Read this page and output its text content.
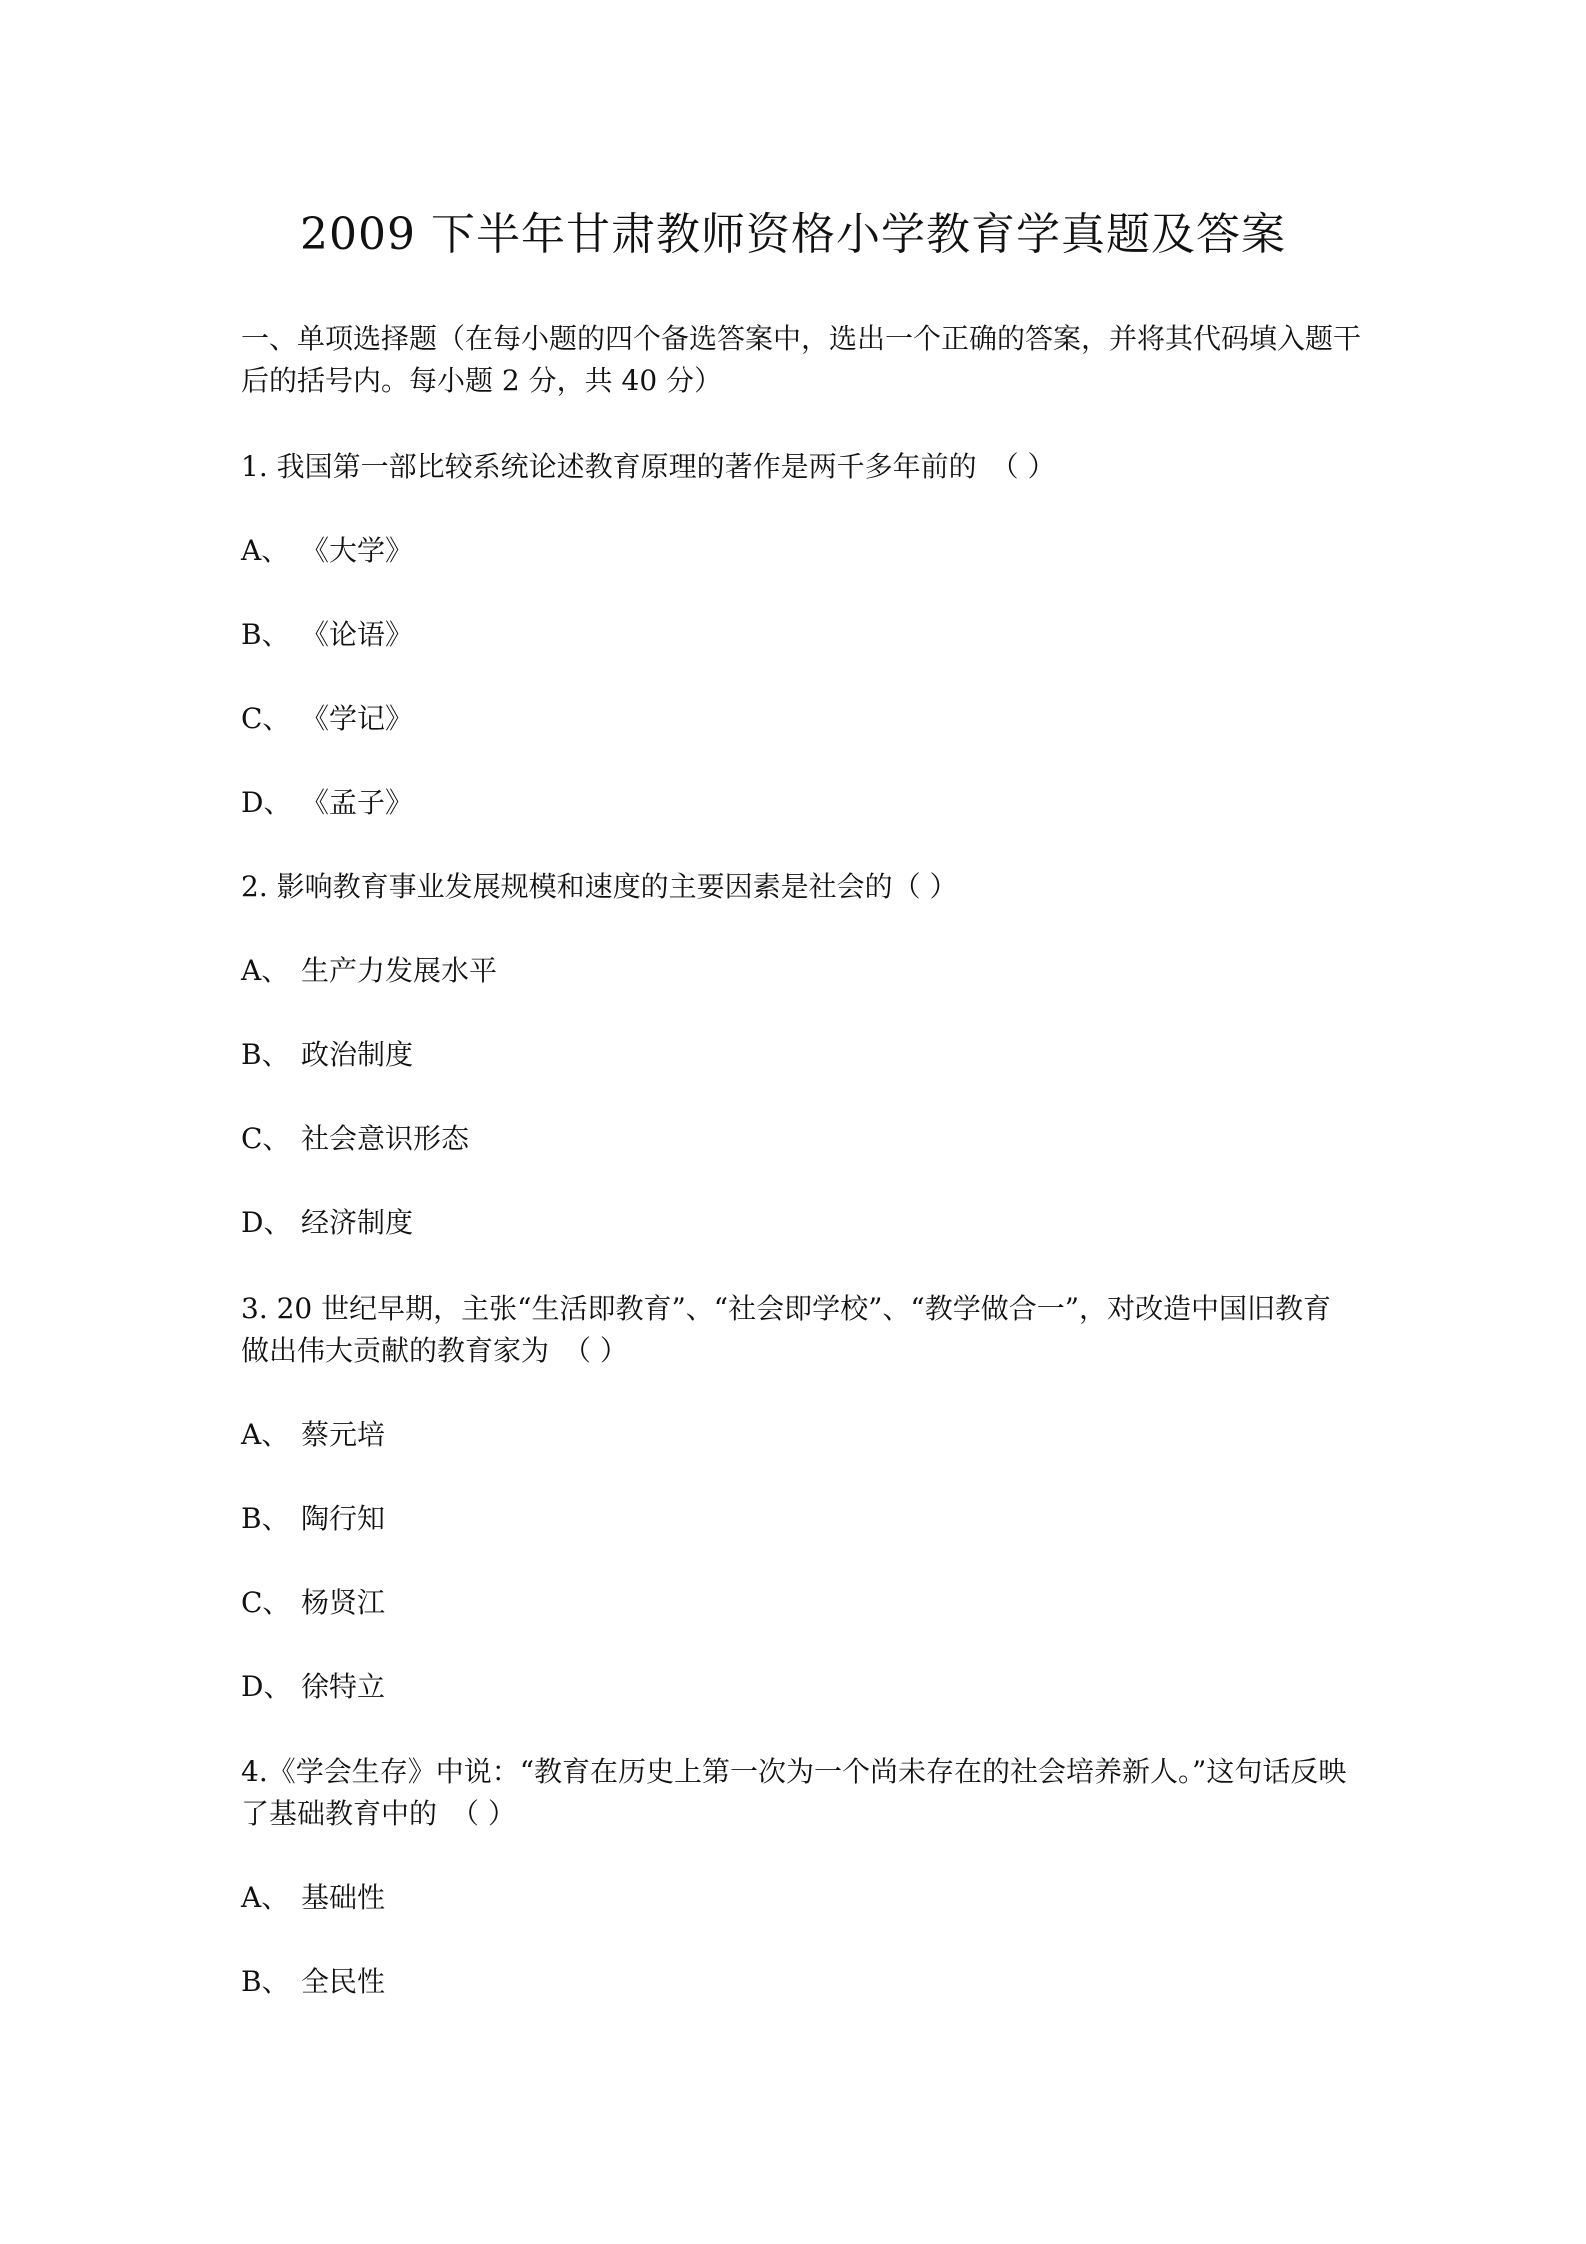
2009 下半年甘肃教师资格小学教育学真题及答案
一、单项选择题（在每小题的四个备选答案中，选出一个正确的答案，并将其代码填入题干
后的括号内。每小题 2 分，共 40 分）
1. 我国第一部比较系统论述教育原理的著作是两千多年前的　（ ）
A、 《大学》
B、 《论语》
C、 《学记》
D、 《孟子》
2. 影响教育事业发展规模和速度的主要因素是社会的（ ）
A、 生产力发展水平
B、 政治制度
C、 社会意识形态
D、 经济制度
3. 20 世纪早期，主张“生活即教育”、“社会即学校”、“教学做合一”，对改造中国旧教育
做出伟大贡献的教育家为　（ ）
A、 蔡元培
B、 陶行知
C、 杨贤江
D、 徐特立
4.《学会生存》中说：“教育在历史上第一次为一个尚未存在的社会培养新人。”这句话反映
了基础教育中的　（ ）
A、 基础性
B、 全民性
